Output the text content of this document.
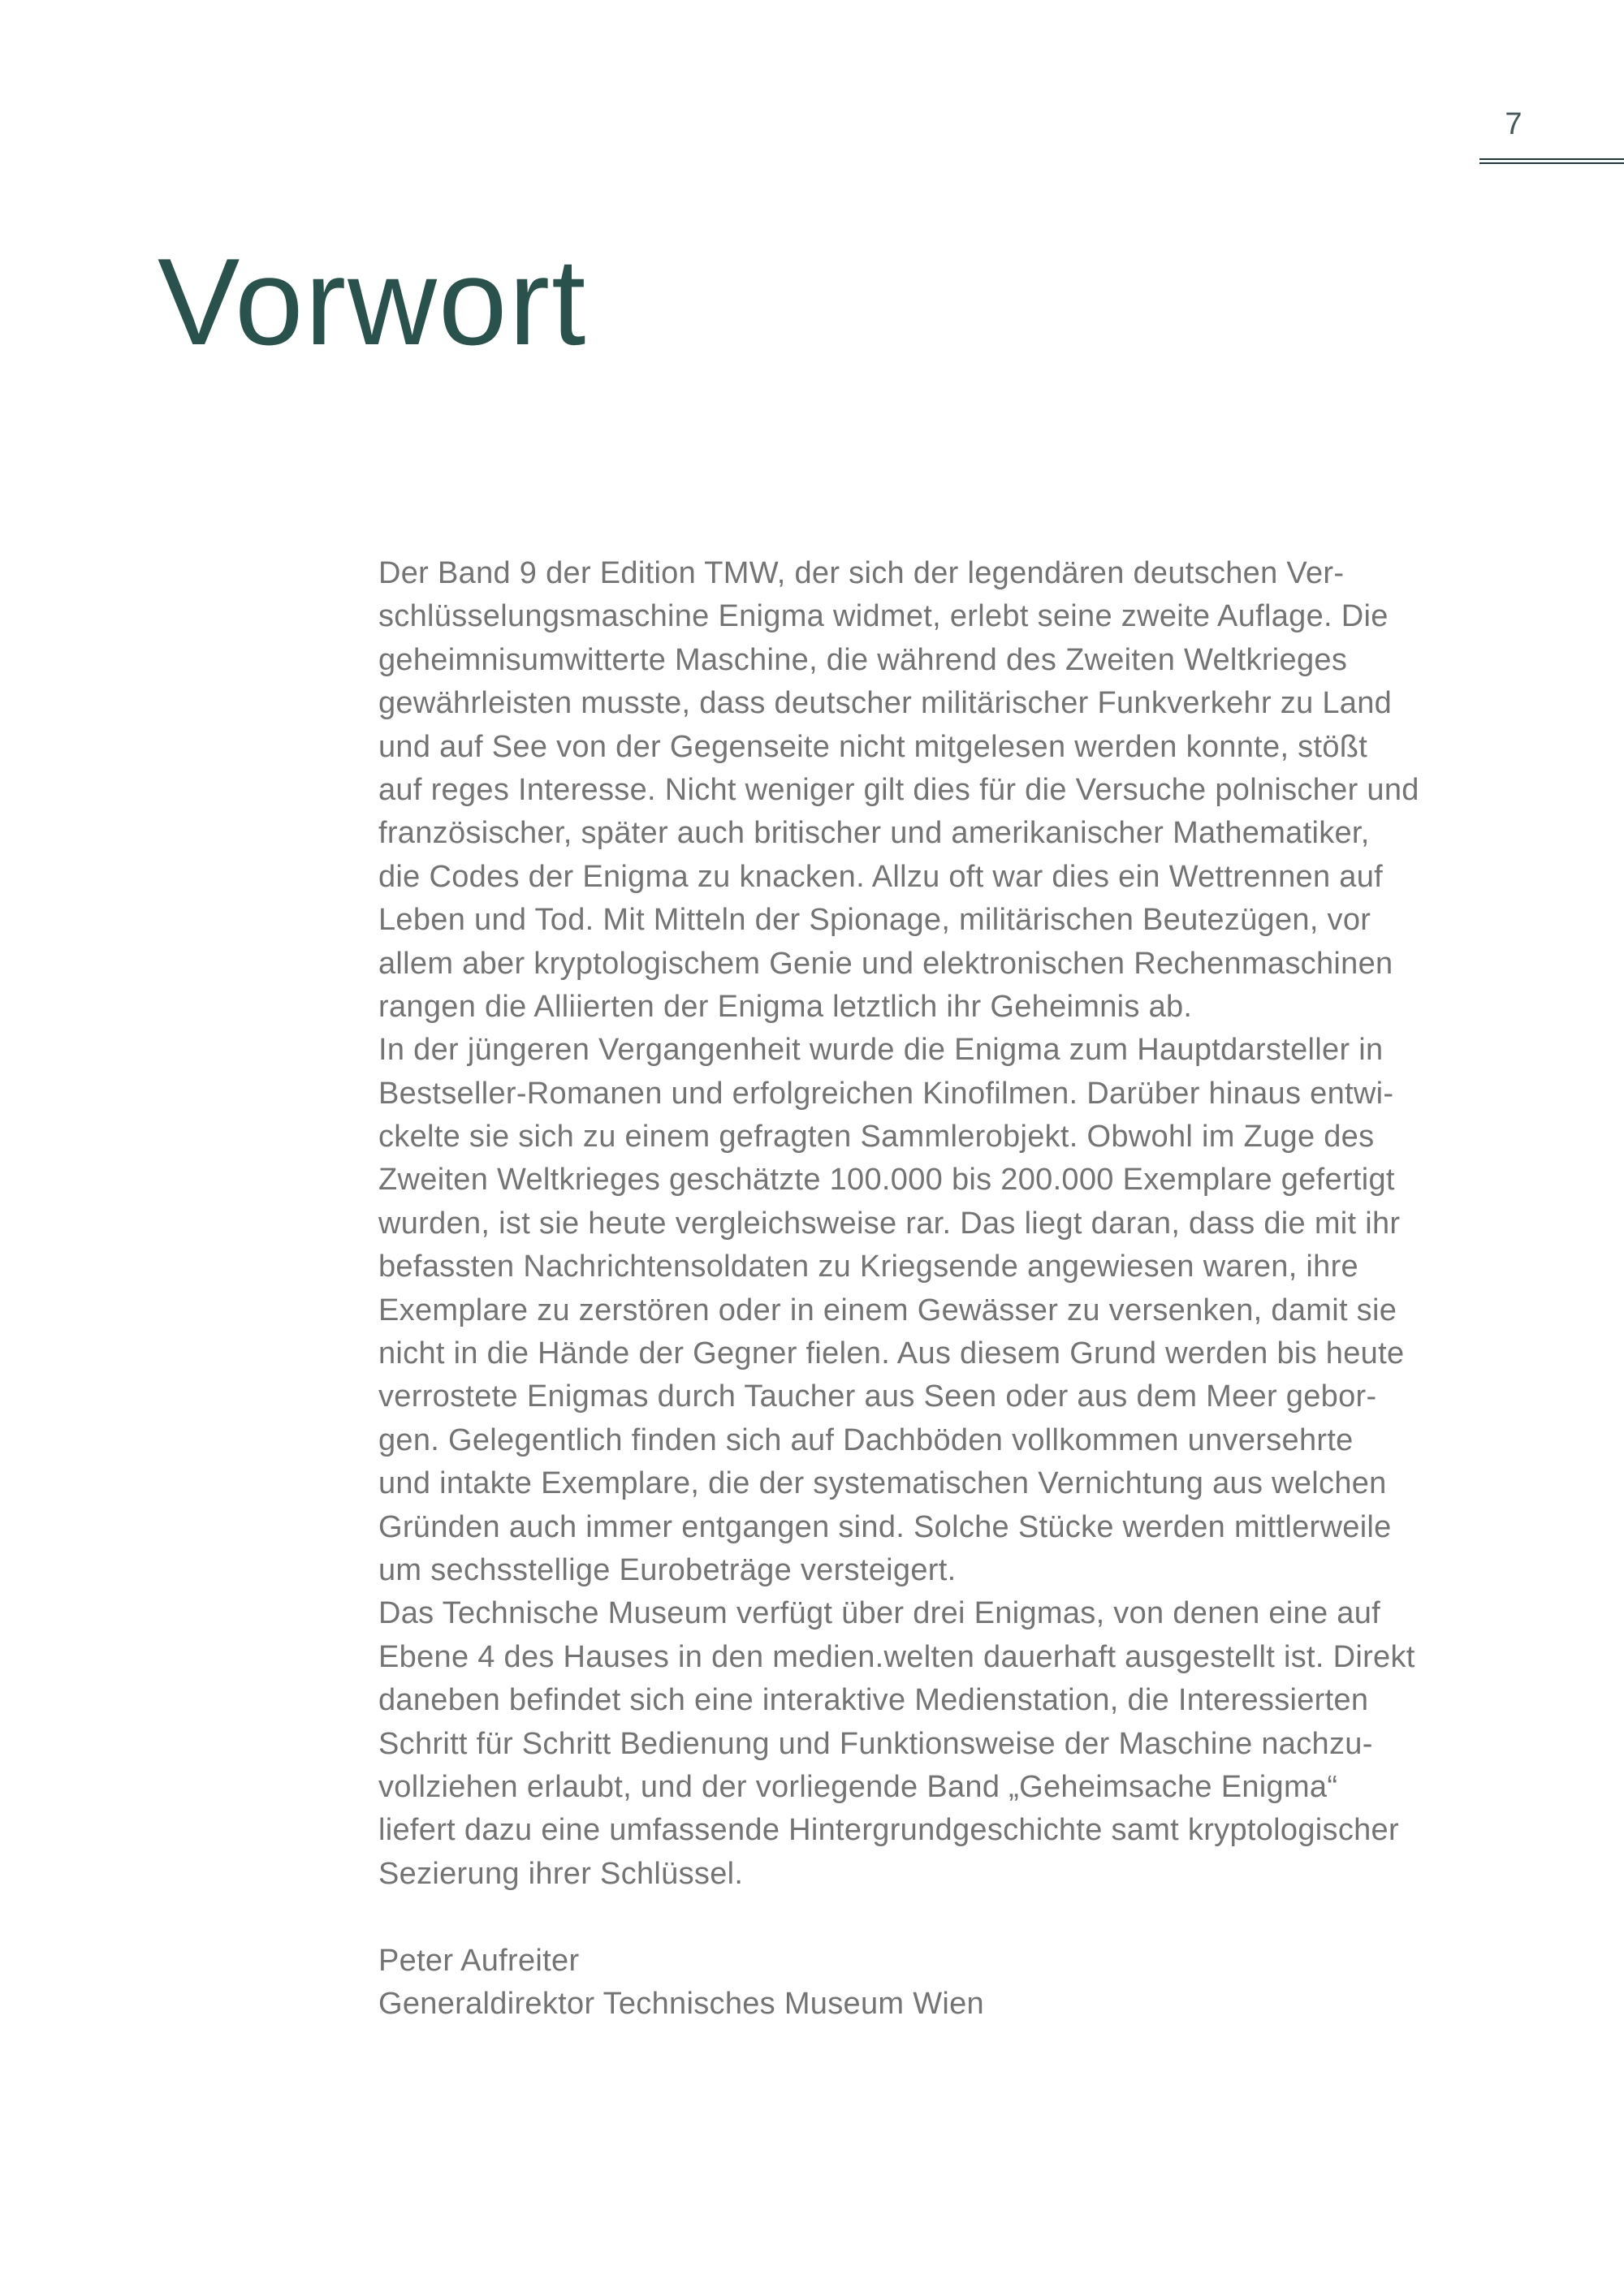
7
Vorwort
Der Band 9 der Edition TMW, der sich der legendären deutschen Ver-
schlüsselungsmaschine Enigma widmet, erlebt seine zweite Auflage. Die
geheimnisumwitterte Maschine, die während des Zweiten Weltkrieges
gewährleisten musste, dass deutscher militärischer Funkverkehr zu Land
und auf See von der Gegenseite nicht mitgelesen werden konnte, stößt
auf reges Interesse. Nicht weniger gilt dies für die Versuche polnischer und
französischer, später auch britischer und amerikanischer Mathematiker,
die Codes der Enigma zu knacken. Allzu oft war dies ein Wettrennen auf
Leben und Tod. Mit Mitteln der Spionage, militärischen Beutezügen, vor
allem aber kryptologischem Genie und elektronischen Rechenmaschinen
rangen die Alliierten der Enigma letztlich ihr Geheimnis ab.
In der jüngeren Vergangenheit wurde die Enigma zum Hauptdarsteller in
Bestseller-Romanen und erfolgreichen Kinofilmen. Darüber hinaus entwi-
ckelte sie sich zu einem gefragten Sammlerobjekt. Obwohl im Zuge des
Zweiten Weltkrieges geschätzte 100.000 bis 200.000 Exemplare gefertigt
wurden, ist sie heute vergleichsweise rar. Das liegt daran, dass die mit ihr
befassten Nachrichtensoldaten zu Kriegsende angewiesen waren, ihre
Exemplare zu zerstören oder in einem Gewässer zu versenken, damit sie
nicht in die Hände der Gegner fielen. Aus diesem Grund werden bis heute
verrostete Enigmas durch Taucher aus Seen oder aus dem Meer gebor-
gen. Gelegentlich finden sich auf Dachböden vollkommen unversehrte
und intakte Exemplare, die der systematischen Vernichtung aus welchen
Gründen auch immer entgangen sind. Solche Stücke werden mittlerweile
um sechsstellige Eurobeträge versteigert.
Das Technische Museum verfügt über drei Enigmas, von denen eine auf
Ebene 4 des Hauses in den medien.welten dauerhaft ausgestellt ist. Direkt
daneben befindet sich eine interaktive Medienstation, die Interessierten
Schritt für Schritt Bedienung und Funktionsweise der Maschine nachzu-
vollziehen erlaubt, und der vorliegende Band „Geheimsache Enigma“
liefert dazu eine umfassende Hintergrundgeschichte samt kryptologischer
Sezierung ihrer Schlüssel.
Peter Aufreiter
Generaldirektor Technisches Museum Wien
